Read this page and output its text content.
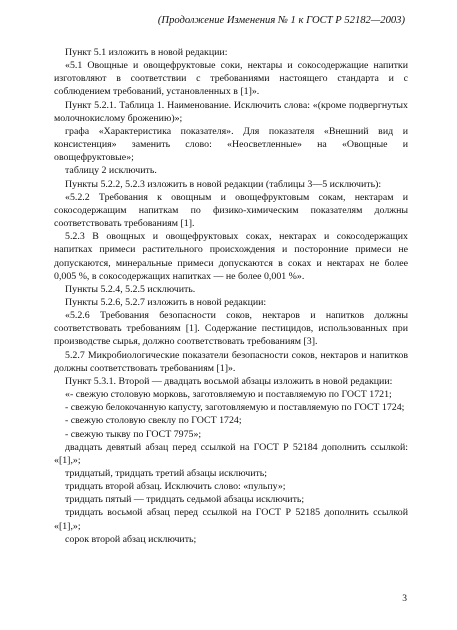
(Продолжение Изменения № 1 к ГОСТ Р 52182—2003)

Пункт 5.1 изложить в новой редакции:

«5.1 Овощные и овощефруктовые соки, нектары и сокосодержащие напитки изготовляют в соответствии с требованиями настоящего стандарта и с соблюдением требований, установленных в [1]».

Пункт 5.2.1. Таблица 1. Наименование. Исключить слова: «(кроме подвергнутых молочнокислому брожению)»;

графа «Характеристика показателя». Для показателя «Внешний вид и консистенция» заменить слово: «Неосветленные» на «Овощные и овощефруктовые»;

таблицу 2 исключить.

Пункты 5.2.2, 5.2.3 изложить в новой редакции (таблицы 3—5 исключить):

«5.2.2 Требования к овощным и овощефруктовым сокам, нектарам и сокосодержащим напиткам по физико-химическим показателям должны соответствовать требованиям [1].

5.2.3 В овощных и овощефруктовых соках, нектарах и сокосодержащих напитках примеси растительного происхождения и посторонние примеси не допускаются, минеральные примеси допускаются в соках и нектарах не более 0,005 %, в сокосодержащих напитках — не более 0,001 %».

Пункты 5.2.4, 5.2.5 исключить.

Пункты 5.2.6, 5.2.7 изложить в новой редакции:

«5.2.6 Требования безопасности соков, нектаров и напитков должны соответствовать требованиям [1]. Содержание пестицидов, использованных при производстве сырья, должно соответствовать требованиям [3].

5.2.7 Микробиологические показатели безопасности соков, нектаров и напитков должны соответствовать требованиям [1]».

Пункт 5.3.1. Второй — двадцать восьмой абзацы изложить в новой редакции:

«- свежую столовую морковь, заготовляемую и поставляемую по ГОСТ 1721;

- свежую белокочанную капусту, заготовляемую и поставляемую по ГОСТ 1724;

- свежую столовую свеклу по ГОСТ 1724;

- свежую тыкву по ГОСТ 7975»;

двадцать девятый абзац перед ссылкой на ГОСТ Р 52184 дополнить ссылкой: «[1],»;

тридцатый, тридцать третий абзацы исключить;

тридцать второй абзац. Исключить слово: «пульпу»;

тридцать пятый — тридцать седьмой абзацы исключить;

тридцать восьмой абзац перед ссылкой на ГОСТ Р 52185 дополнить ссылкой «[1],»;

сорок второй абзац исключить;

3
